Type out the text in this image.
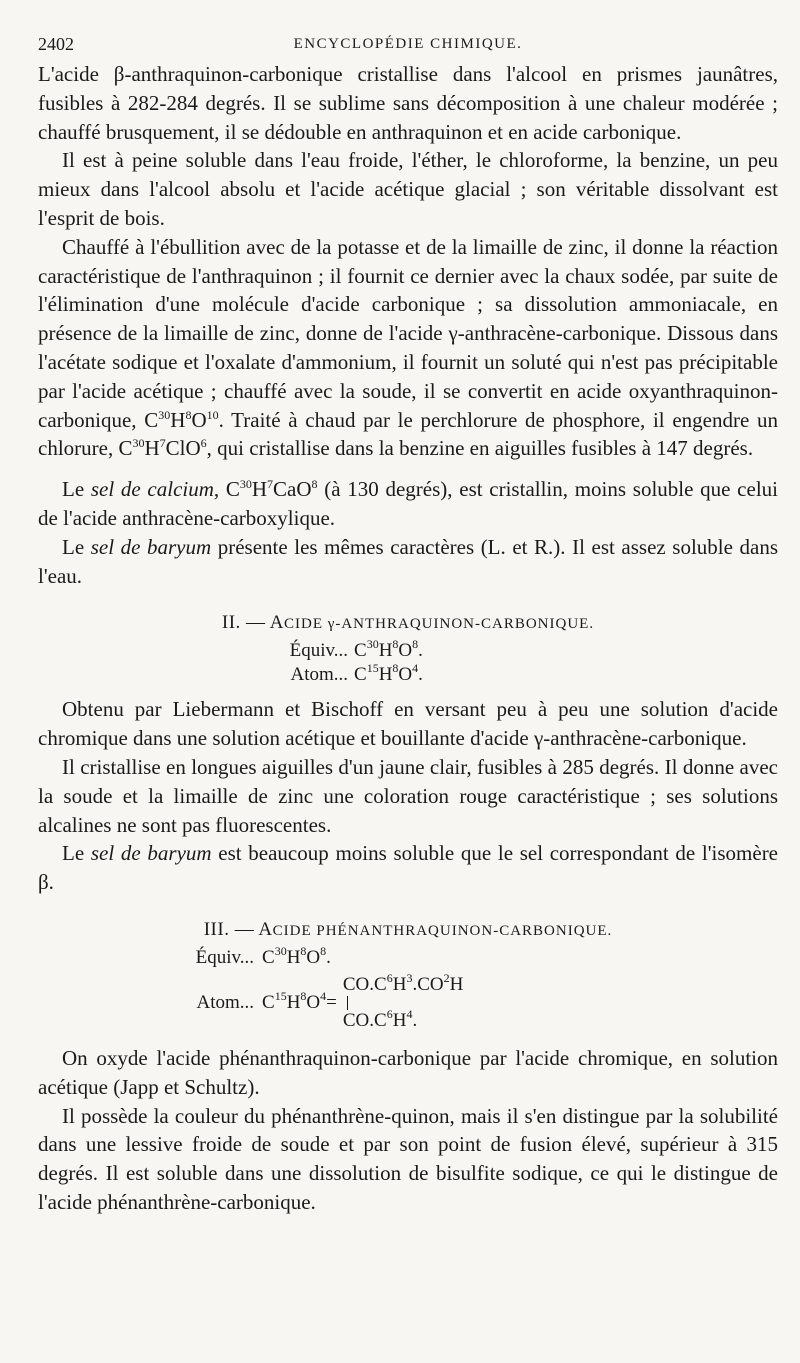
2402	ENCYCLOPÉDIE CHIMIQUE.

L'acide β-anthraquinon-carbonique cristallise dans l'alcool en prismes jaunâtres, fusibles à 282-284 degrés. Il se sublime sans décomposition à une chaleur modérée ; chauffé brusquement, il se dédouble en anthraquinon et en acide carbonique.

Il est à peine soluble dans l'eau froide, l'éther, le chloroforme, la benzine, un peu mieux dans l'alcool absolu et l'acide acétique glacial ; son véritable dissolvant est l'esprit de bois.

Chauffé à l'ébullition avec de la potasse et de la limaille de zinc, il donne la réaction caractéristique de l'anthraquinon ; il fournit ce dernier avec la chaux sodée, par suite de l'élimination d'une molécule d'acide carbonique ; sa dissolution ammoniacale, en présence de la limaille de zinc, donne de l'acide γ-anthracène-carbonique. Dissous dans l'acétate sodique et l'oxalate d'ammonium, il fournit un soluté qui n'est pas précipitable par l'acide acétique ; chauffé avec la soude, il se convertit en acide oxyanthraquinon-carbonique, $C^{30}H^8O^{10}$. Traité à chaud par le perchlorure de phosphore, il engendre un chlorure, $C^{30}H^7ClO^6$, qui cristallise dans la benzine en aiguilles fusibles à 147 degrés.

Le sel de calcium, $C^{30}H^7CaO^8$ (à 130 degrés), est cristallin, moins soluble que celui de l'acide anthracène-carboxylique.

Le sel de baryum présente les mêmes caractères (L. et R.). Il est assez soluble dans l'eau.

II. — ACIDE γ-ANTHRAQUINON-CARBONIQUE.
Équiv... $C^{30}H^8O^8$.
Atom... $C^{15}H^8O^4$.

Obtenu par Liebermann et Bischoff en versant peu à peu une solution d'acide chromique dans une solution acétique et bouillante d'acide γ-anthracène-carbonique.

Il cristallise en longues aiguilles d'un jaune clair, fusibles à 285 degrés. Il donne avec la soude et la limaille de zinc une coloration rouge caractéristique ; ses solutions alcalines ne sont pas fluorescentes.

Le sel de baryum est beaucoup moins soluble que le sel correspondant de l'isomère β.

III. — ACIDE PHÉNANTHRAQUINON-CARBONIQUE.
Équiv... $C^{30}H^8O^8$.
Atom... $C^{15}H^8O^4=$
$CO.C^6H^3.CO^2H$
$CO.C^6H^4$.

On oxyde l'acide phénanthraquinon-carbonique par l'acide chromique, en solution acétique (Japp et Schultz).

Il possède la couleur du phénanthrène-quinon, mais il s'en distingue par la solubilité dans une lessive froide de soude et par son point de fusion élevé, supérieur à 315 degrés. Il est soluble dans une dissolution de bisulfite sodique, ce qui le distingue de l'acide phénanthrène-carbonique.
